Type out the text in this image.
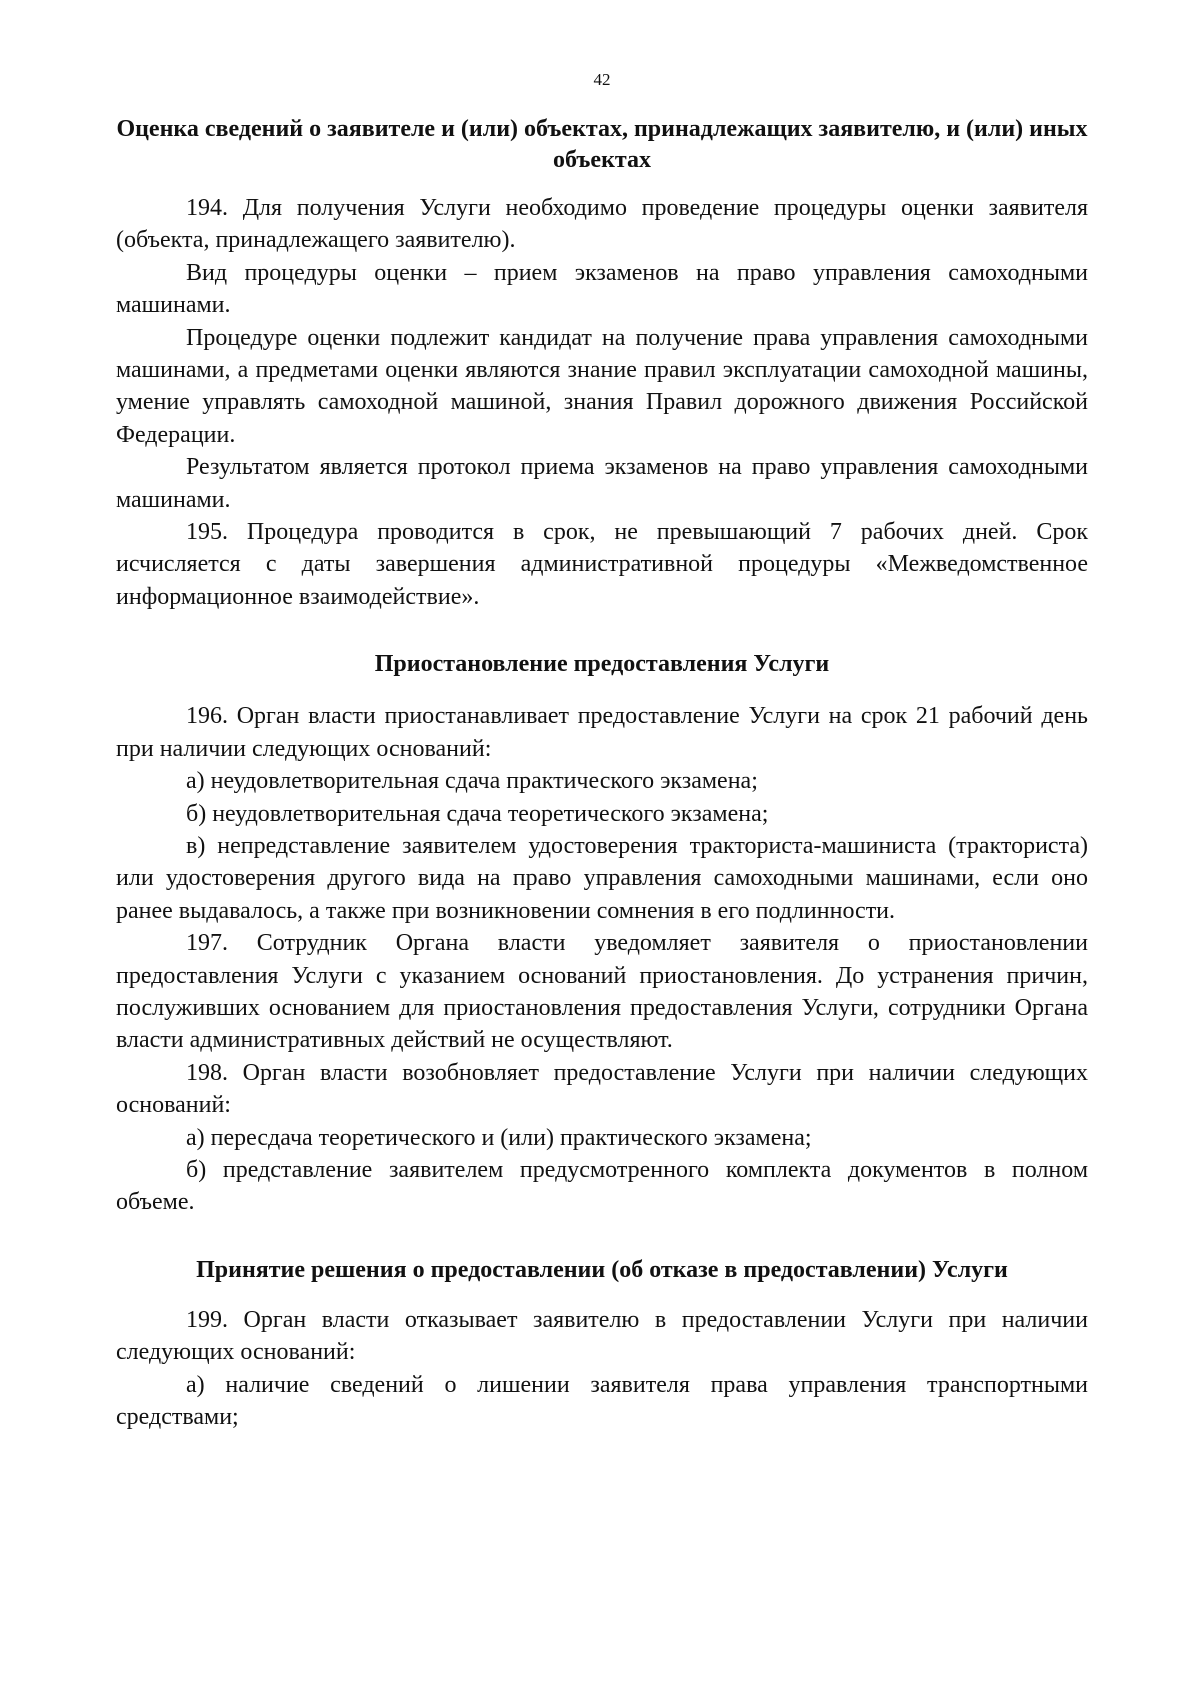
42
Оценка сведений о заявителе и (или) объектах, принадлежащих заявителю, и (или) иных объектах

194. Для получения Услуги необходимо проведение процедуры оценки заявителя (объекта, принадлежащего заявителю).

Вид процедуры оценки – прием экзаменов на право управления самоходными машинами.

Процедуре оценки подлежит кандидат на получение права управления самоходными машинами, а предметами оценки являются знание правил эксплуатации самоходной машины, умение управлять самоходной машиной, знания Правил дорожного движения Российской Федерации.

Результатом является протокол приема экзаменов на право управления самоходными машинами.

195. Процедура проводится в срок, не превышающий 7 рабочих дней. Срок исчисляется с даты завершения административной процедуры «Межведомственное информационное взаимодействие».

Приостановление предоставления Услуги

196. Орган власти приостанавливает предоставление Услуги на срок 21 рабочий день при наличии следующих оснований:

а) неудовлетворительная сдача практического экзамена;

б) неудовлетворительная сдача теоретического экзамена;

в) непредставление заявителем удостоверения тракториста-машиниста (тракториста) или удостоверения другого вида на право управления самоходными машинами, если оно ранее выдавалось, а также при возникновении сомнения в его подлинности.

197. Сотрудник Органа власти уведомляет заявителя о приостановлении предоставления Услуги с указанием оснований приостановления. До устранения причин, послуживших основанием для приостановления предоставления Услуги, сотрудники Органа власти административных действий не осуществляют.

198. Орган власти возобновляет предоставление Услуги при наличии следующих оснований:

а) пересдача теоретического и (или) практического экзамена;

б) представление заявителем предусмотренного комплекта документов в полном объеме.

Принятие решения о предоставлении (об отказе в предоставлении) Услуги

199. Орган власти отказывает заявителю в предоставлении Услуги при наличии следующих оснований:

а) наличие сведений о лишении заявителя права управления транспортными средствами;
